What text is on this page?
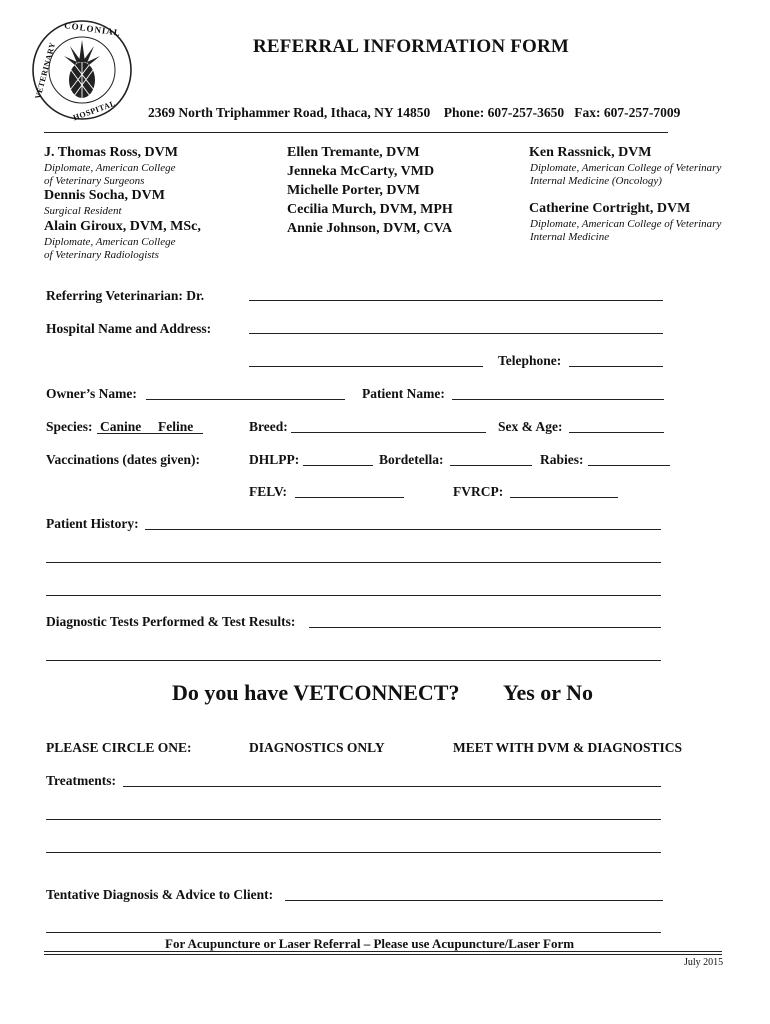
COLONIAL
VETERINARY
HOSPITAL
REFERRAL INFORMATION FORM
2369 North Triphammer Road, Ithaca, NY 14850    Phone: 607-257-3650   Fax: 607-257-7009
J. Thomas Ross, DVM
Diplomate, American College
of Veterinary Surgeons
Dennis Socha, DVM
Surgical Resident
Alain Giroux, DVM, MSc,
Diplomate, American College
of Veterinary Radiologists
Ellen Tremante, DVM
Jenneka McCarty, VMD
Michelle Porter, DVM
Cecilia Murch, DVM, MPH
Annie Johnson, DVM, CVA
Ken Rassnick, DVM
Diplomate, American College of Veterinary
Internal Medicine (Oncology)
Catherine Cortright, DVM
Diplomate, American College of Veterinary
Internal Medicine
Referring Veterinarian: Dr.
Hospital Name and Address:
Telephone:
Owner’s Name:	Patient Name:
Species: Canine Feline	Breed:	Sex & Age:
Vaccinations (dates given):	DHLPP:	Bordetella:	Rabies:
FELV:	FVRCP:
Patient History:
Diagnostic Tests Performed & Test Results:
Do you have VETCONNECT? Yes or No
PLEASE CIRCLE ONE:	DIAGNOSTICS ONLY	MEET WITH DVM & DIAGNOSTICS
Treatments:
Tentative Diagnosis & Advice to Client:
For Acupuncture or Laser Referral – Please use Acupuncture/Laser Form
July 2015
